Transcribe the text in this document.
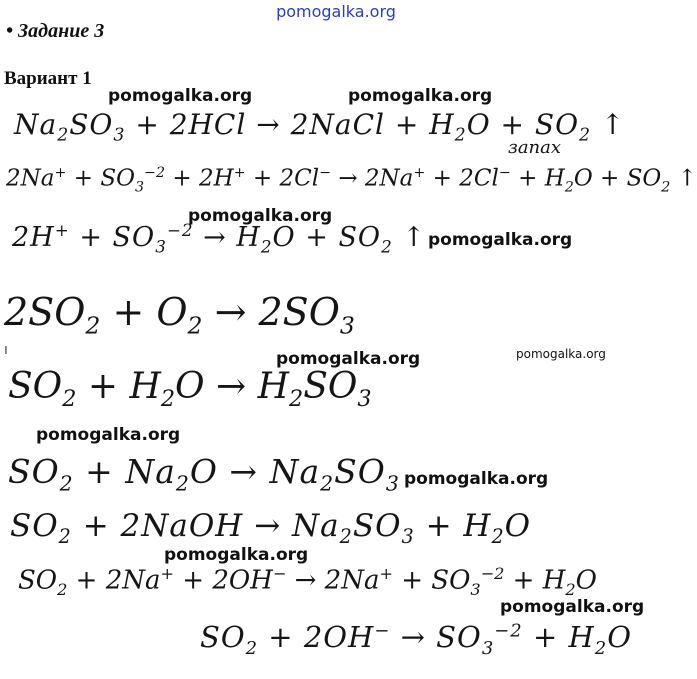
pomogalka.org
• Задание 3
Вариант 1
$Na_2SO_3 + 2HCl$ → 2NaCl + $H_2O + SO_2$ ↑
запах
$2Na^+ + SO_3^{-2} + 2H^+ + 2Cl^- \to 2Na^+ + 2Cl^- + H_2O + SO_2$ ↑
$2H^+ + SO_3^{-2} \to H_2O + SO_2$ ↑
$2SO_2 + O_2 \to 2SO_3$
ı
$SO_2 + H_2O \to H_2SO_3$
$SO_2 + Na_2O \to Na_2SO_3$
$SO_2$ + 2NaOH → $Na_2SO_3 + H_2O$
$SO_2 + 2Na^+ + 2OH^- \to 2Na^+ + SO_3^{-2} + H_2O$
$SO_2 + 2OH^- \to SO_3^{-2} + H_2O$
pomogalka.org	pomogalka.org
pomogalka.org
pomogalka.org
pomogalka.org	pomogalka.org
pomogalka.org
pomogalka.org
pomogalka.org
pomogalka.org
